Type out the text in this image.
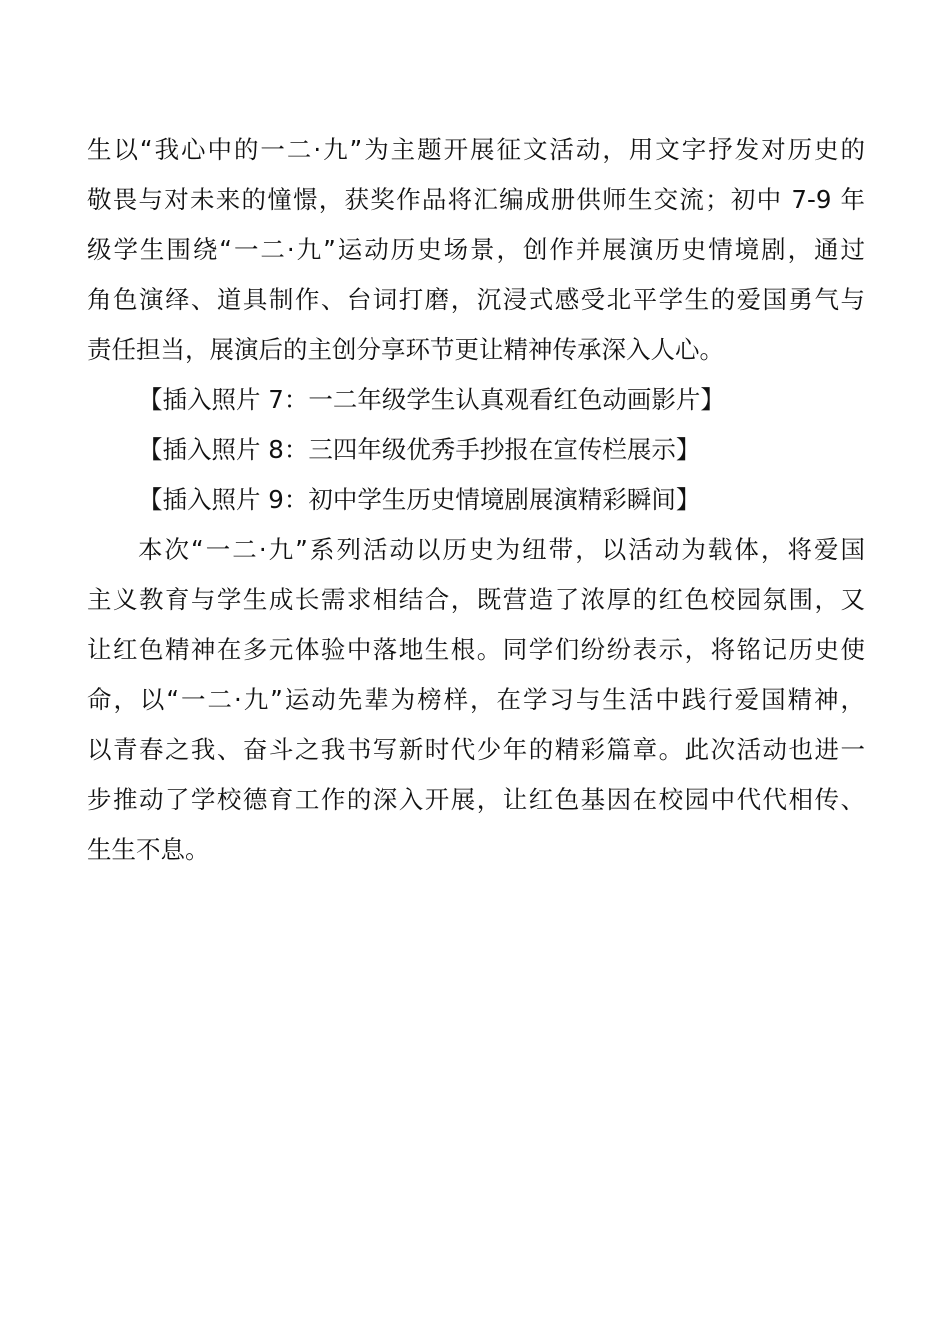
生以“我心中的一二·九”为主题开展征文活动，用文字抒发对历史的
敬畏与对未来的憧憬，获奖作品将汇编成册供师生交流；初中 7-9 年
级学生围绕“一二·九”运动历史场景，创作并展演历史情境剧，通过
角色演绎、道具制作、台词打磨，沉浸式感受北平学生的爱国勇气与
责任担当，展演后的主创分享环节更让精神传承深入人心。
【插入照片 7：一二年级学生认真观看红色动画影片】
【插入照片 8：三四年级优秀手抄报在宣传栏展示】
【插入照片 9：初中学生历史情境剧展演精彩瞬间】
本次“一二·九”系列活动以历史为纽带，以活动为载体，将爱国
主义教育与学生成长需求相结合，既营造了浓厚的红色校园氛围，又
让红色精神在多元体验中落地生根。同学们纷纷表示，将铭记历史使
命，以“一二·九”运动先辈为榜样，在学习与生活中践行爱国精神，
以青春之我、奋斗之我书写新时代少年的精彩篇章。此次活动也进一
步推动了学校德育工作的深入开展，让红色基因在校园中代代相传、
生生不息。
